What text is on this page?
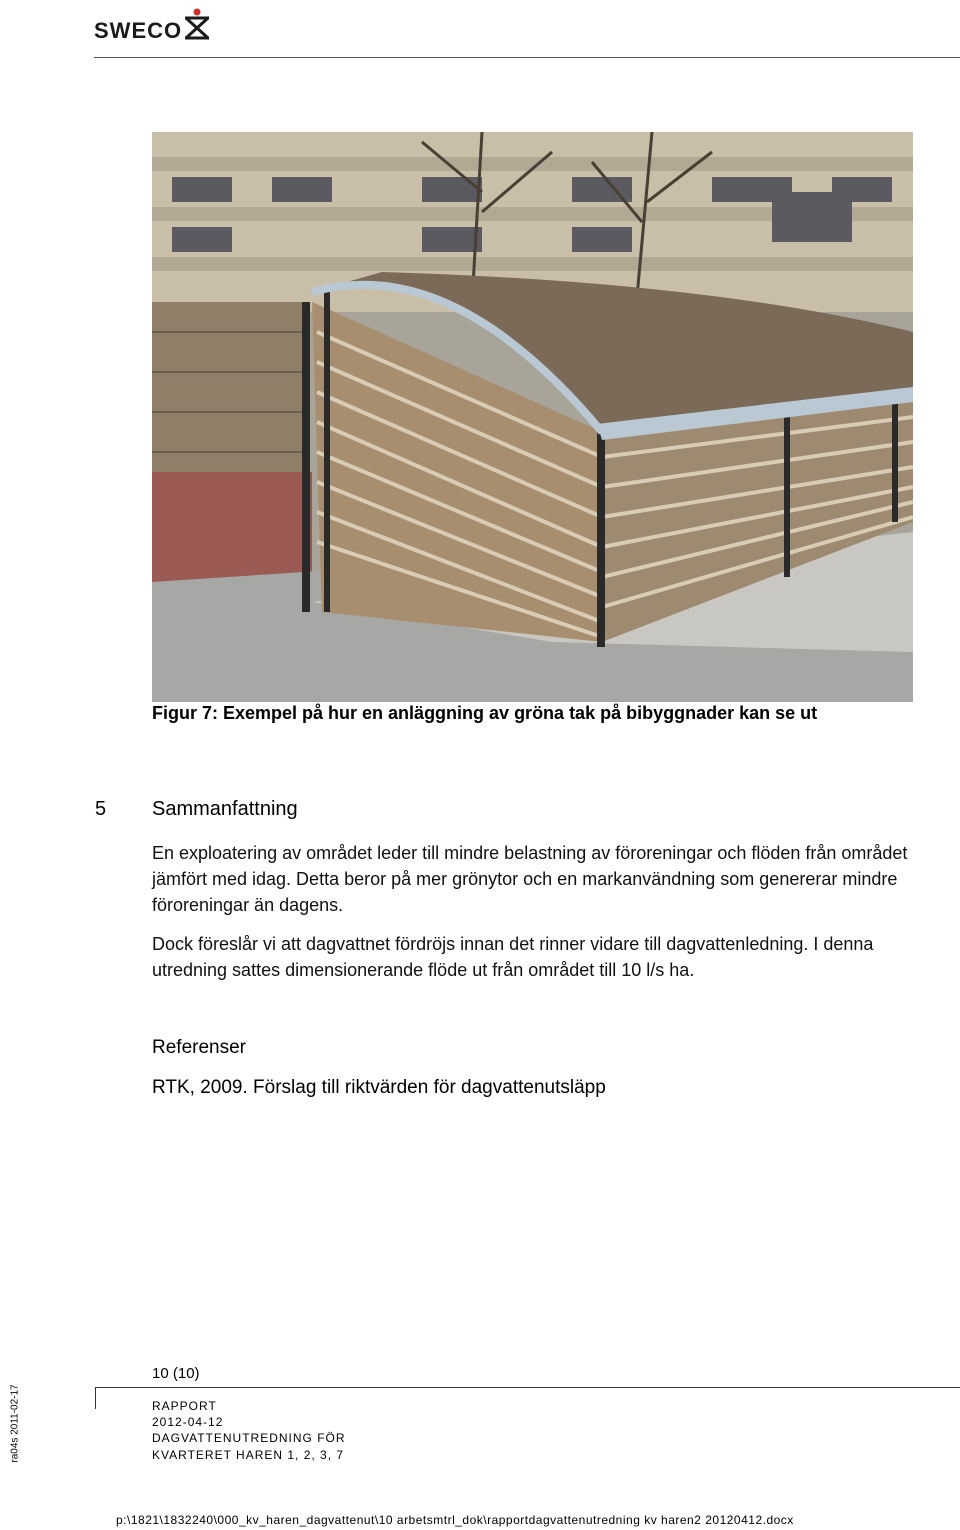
SWECO
Figur 7: Exempel på hur en anläggning av gröna tak på bibyggnader kan se ut
5 Sammanfattning
En exploatering av området leder till mindre belastning av föroreningar och flöden från området jämfört med idag. Detta beror på mer grönytor och en markanvändning som genererar mindre föroreningar än dagens.
Dock föreslår vi att dagvattnet fördröjs innan det rinner vidare till dagvattenledning. I denna utredning sattes dimensionerande flöde ut från området till 10 l/s ha.
Referenser
RTK, 2009. Förslag till riktvärden för dagvattenutsläpp
10 (10)
RAPPORT
2012-04-12
DAGVATTENUTREDNING FÖR
KVARTERET HAREN 1, 2, 3, 7
ra04s 2011-02-17
p:\1821\1832240\000_kv_haren_dagvattenut\10 arbetsmtrl_dok\rapportdagvattenutredning kv haren2 20120412.docx
